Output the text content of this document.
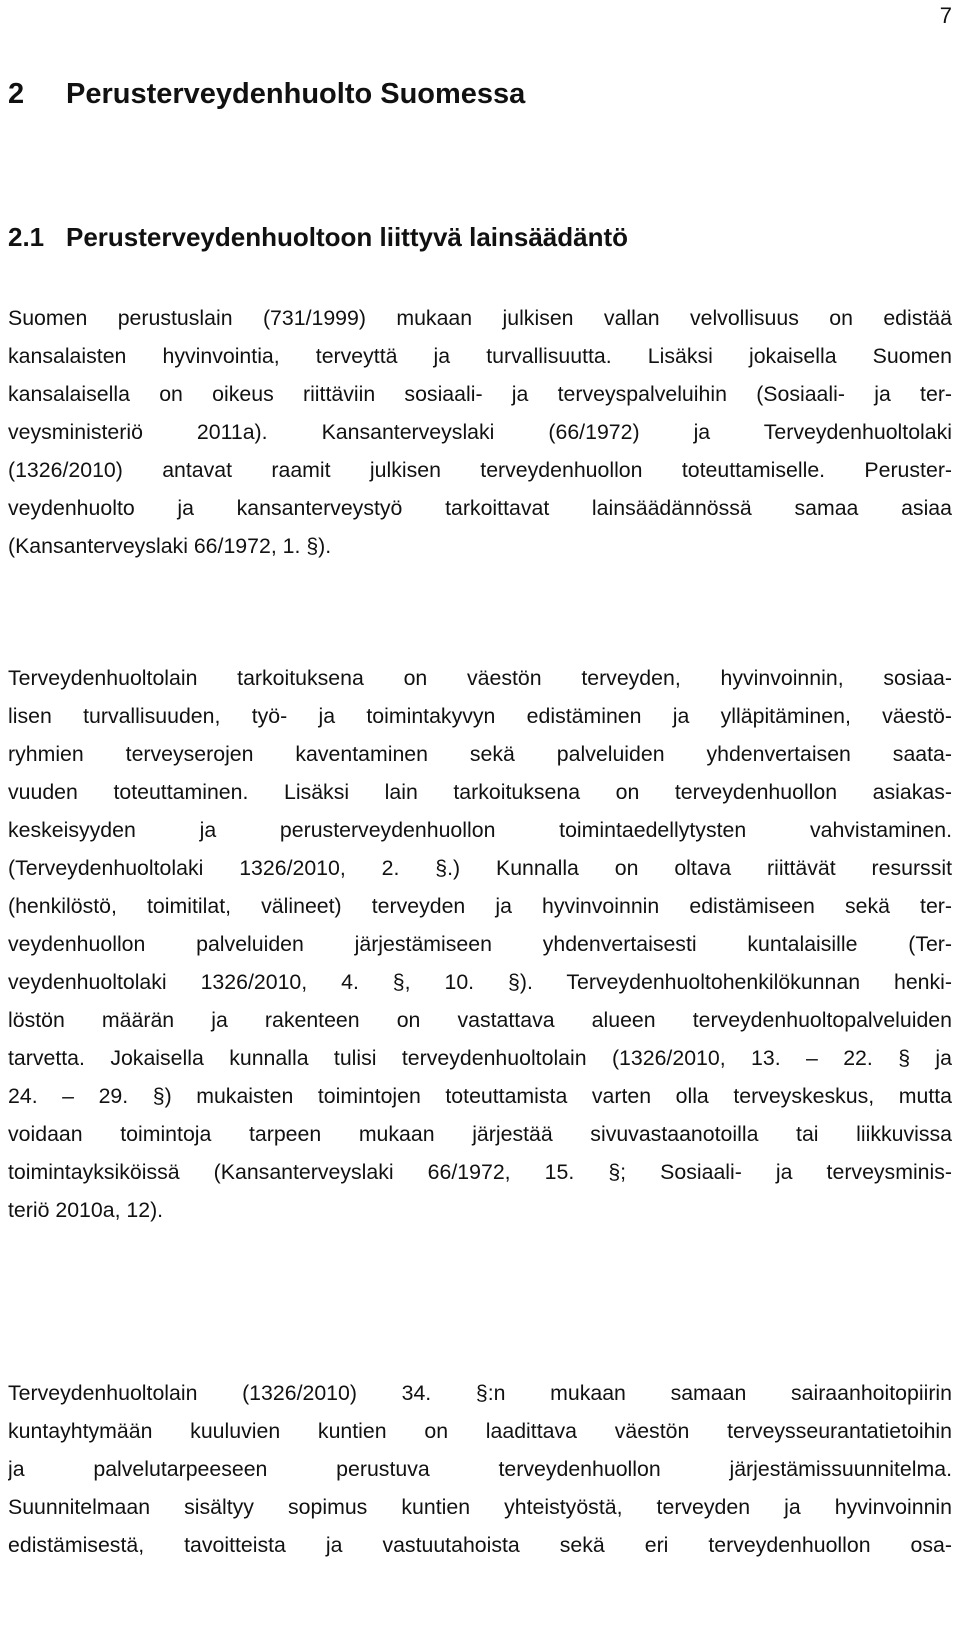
7
2 Perusterveydenhuolto Suomessa
2.1 Perusterveydenhuoltoon liittyvä lainsäädäntö
Suomen perustuslain (731/1999) mukaan julkisen vallan velvollisuus on edistää
kansalaisten hyvinvointia, terveyttä ja turvallisuutta. Lisäksi jokaisella Suomen
kansalaisella on oikeus riittäviin sosiaali- ja terveyspalveluihin (Sosiaali- ja ter-
veysministeriö 2011a). Kansanterveyslaki (66/1972) ja Terveydenhuoltolaki
(1326/2010) antavat raamit julkisen terveydenhuollon toteuttamiselle. Peruster-
veydenhuolto ja kansanterveystyö tarkoittavat lainsäädännössä samaa asiaa
(Kansanterveyslaki 66/1972, 1. §).
Terveydenhuoltolain tarkoituksena on väestön terveyden, hyvinvoinnin, sosiaa-
lisen turvallisuuden, työ- ja toimintakyvyn edistäminen ja ylläpitäminen, väestö-
ryhmien terveyserojen kaventaminen sekä palveluiden yhdenvertaisen saata-
vuuden toteuttaminen. Lisäksi lain tarkoituksena on terveydenhuollon asiakas-
keskeisyyden ja perusterveydenhuollon toimintaedellytysten vahvistaminen.
(Terveydenhuoltolaki 1326/2010, 2. §.) Kunnalla on oltava riittävät resurssit
(henkilöstö, toimitilat, välineet) terveyden ja hyvinvoinnin edistämiseen sekä ter-
veydenhuollon palveluiden järjestämiseen yhdenvertaisesti kuntalaisille (Ter-
veydenhuoltolaki 1326/2010, 4. §, 10. §). Terveydenhuoltohenkilökunnan henki-
löstön määrän ja rakenteen on vastattava alueen terveydenhuoltopalveluiden
tarvetta. Jokaisella kunnalla tulisi terveydenhuoltolain (1326/2010, 13. – 22. § ja
24. – 29. §) mukaisten toimintojen toteuttamista varten olla terveyskeskus, mutta
voidaan toimintoja tarpeen mukaan järjestää sivuvastaanotoilla tai liikkuvissa
toimintayksiköissä (Kansanterveyslaki 66/1972, 15. §; Sosiaali- ja terveysminis-
teriö 2010a, 12).
Terveydenhuoltolain (1326/2010) 34. §:n mukaan samaan sairaanhoitopiirin
kuntayhtymään kuuluvien kuntien on laadittava väestön terveysseurantatietoihin
ja palvelutarpeeseen perustuva terveydenhuollon järjestämissuunnitelma.
Suunnitelmaan sisältyy sopimus kuntien yhteistyöstä, terveyden ja hyvinvoinnin
edistämisestä, tavoitteista ja vastuutahoista sekä eri terveydenhuollon osa-
